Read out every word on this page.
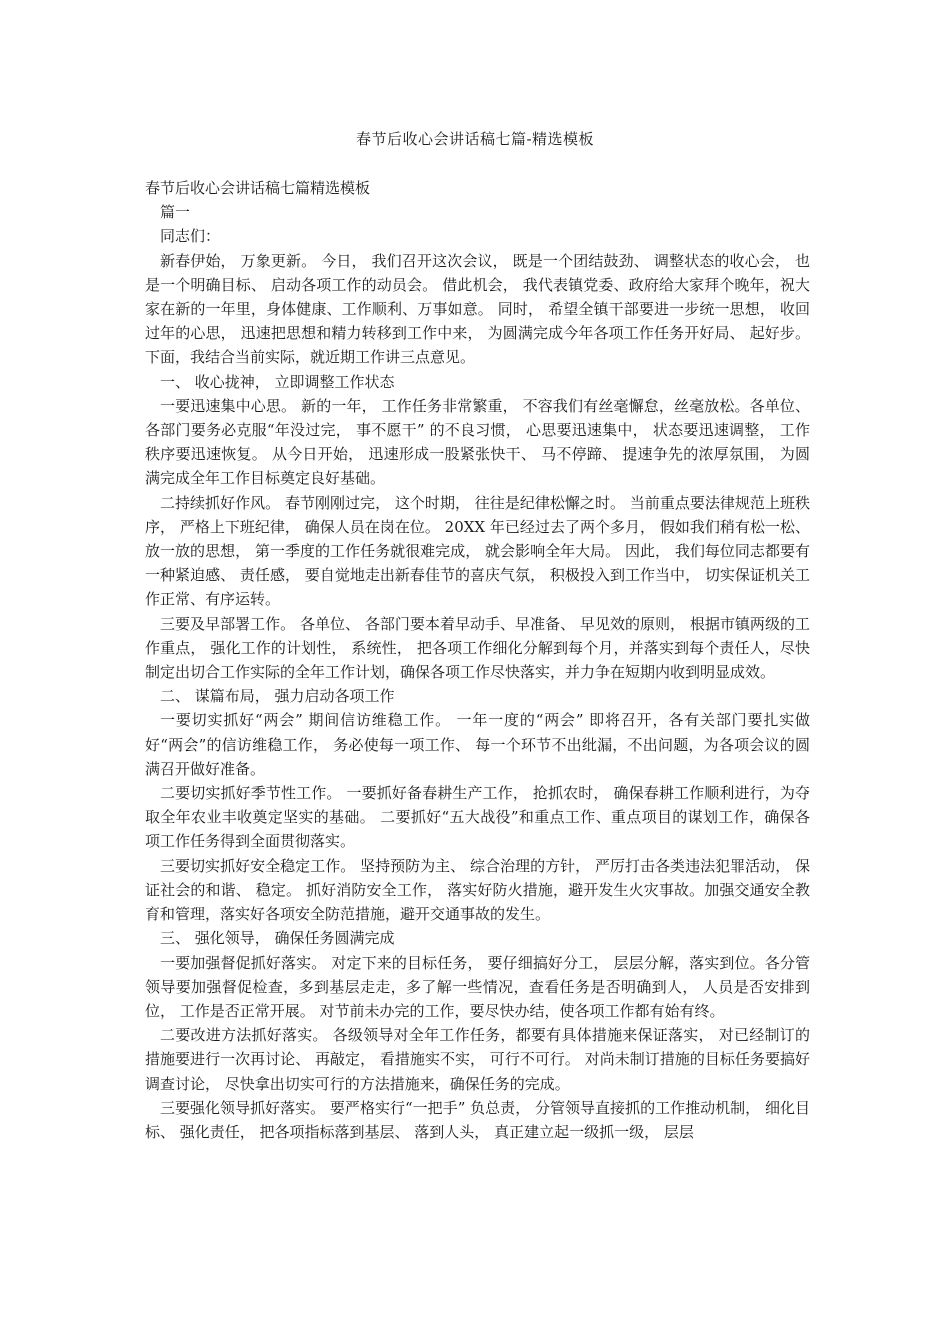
春节后收心会讲话稿七篇-精选模板

春节后收心会讲话稿七篇精选模板

篇一

同志们：

新春伊始， 万象更新。 今日， 我们召开这次会议， 既是一个团结鼓劲、 调整状态的收心会， 也是一个明确目标、 启动各项工作的动员会。 借此机会， 我代表镇党委、政府给大家拜个晚年，祝大家在新的一年里，身体健康、工作顺利、万事如意。 同时， 希望全镇干部要进一步统一思想， 收回过年的心思， 迅速把思想和精力转移到工作中来， 为圆满完成今年各项工作任务开好局、 起好步。 下面，我结合当前实际，就近期工作讲三点意见。

一、 收心拢神， 立即调整工作状态

一要迅速集中心思。 新的一年， 工作任务非常繁重， 不容我们有丝毫懈怠，丝毫放松。各单位、 各部门要务必克服“年没过完， 事不愿干” 的不良习惯， 心思要迅速集中， 状态要迅速调整， 工作秩序要迅速恢复。 从今日开始， 迅速形成一股紧张快干、 马不停蹄、 提速争先的浓厚氛围， 为圆满完成全年工作目标奠定良好基础。

二持续抓好作风。 春节刚刚过完， 这个时期， 往往是纪律松懈之时。 当前重点要法律规范上班秩序， 严格上下班纪律， 确保人员在岗在位。 20XX 年已经过去了两个多月， 假如我们稍有松一松、 放一放的思想， 第一季度的工作任务就很难完成， 就会影响全年大局。 因此， 我们每位同志都要有一种紧迫感、 责任感， 要自觉地走出新春佳节的喜庆气氛， 积极投入到工作当中， 切实保证机关工作正常、有序运转。

三要及早部署工作。 各单位、 各部门要本着早动手、早准备、 早见效的原则， 根据市镇两级的工作重点， 强化工作的计划性， 系统性， 把各项工作细化分解到每个月，并落实到每个责任人，尽快制定出切合工作实际的全年工作计划，确保各项工作尽快落实，并力争在短期内收到明显成效。

二、 谋篇布局， 强力启动各项工作

一要切实抓好“两会” 期间信访维稳工作。 一年一度的“两会” 即将召开，各有关部门要扎实做好“两会”的信访维稳工作， 务必使每一项工作、 每一个环节不出纰漏，不出问题，为各项会议的圆满召开做好准备。

二要切实抓好季节性工作。 一要抓好备春耕生产工作， 抢抓农时， 确保春耕工作顺利进行，为夺取全年农业丰收奠定坚实的基础。 二要抓好“五大战役”和重点工作、重点项目的谋划工作，确保各项工作任务得到全面贯彻落实。

三要切实抓好安全稳定工作。 坚持预防为主、 综合治理的方针， 严厉打击各类违法犯罪活动， 保证社会的和谐、 稳定。 抓好消防安全工作， 落实好防火措施，避开发生火灾事故。加强交通安全教育和管理，落实好各项安全防范措施，避开交通事故的发生。

三、 强化领导， 确保任务圆满完成

一要加强督促抓好落实。 对定下来的目标任务， 要仔细搞好分工， 层层分解，落实到位。各分管领导要加强督促检查，多到基层走走，多了解一些情况，查看任务是否明确到人， 人员是否安排到位， 工作是否正常开展。 对节前未办完的工作，要尽快办结，使各项工作都有始有终。

二要改进方法抓好落实。 各级领导对全年工作任务，都要有具体措施来保证落实， 对已经制订的措施要进行一次再讨论、 再敲定， 看措施实不实， 可行不可行。 对尚未制订措施的目标任务要搞好调查讨论， 尽快拿出切实可行的方法措施来，确保任务的完成。

三要强化领导抓好落实。 要严格实行“一把手” 负总责， 分管领导直接抓的工作推动机制， 细化目标、 强化责任， 把各项指标落到基层、 落到人头， 真正建立起一级抓一级， 层层
